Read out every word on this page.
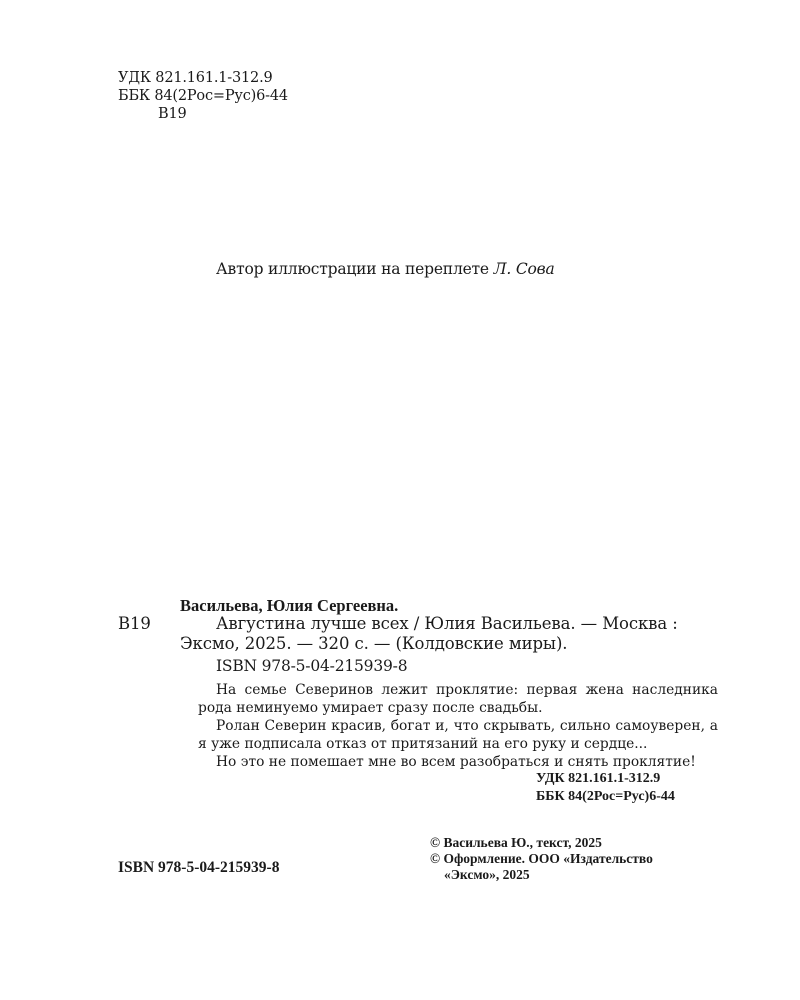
УДК 821.161.1-312.9
ББК 84(2Рос=Рус)6-44
В19
Автор иллюстрации на переплете Л. Сова
Васильева, Юлия Сергеевна.
В19	Августина лучше всех / Юлия Васильева. — Москва :
Эксмо, 2025. — 320 с. — (Колдовские миры).
ISBN 978-5-04-215939-8

На семье Северинов лежит проклятие: первая жена наследника рода неминуемо умирает сразу после свадьбы.

Ролан Северин красив, богат и, что скрывать, сильно самоуверен, а я уже подписала отказ от притязаний на его руку и сердце...

Но это не помешает мне во всем разобраться и снять проклятие!

УДК 821.161.1-312.9
ББК 84(2Рос=Рус)6-44
ISBN 978-5-04-215939-8
© Васильева Ю., текст, 2025
© Оформление. ООО «Издательство
«Эксмо», 2025
